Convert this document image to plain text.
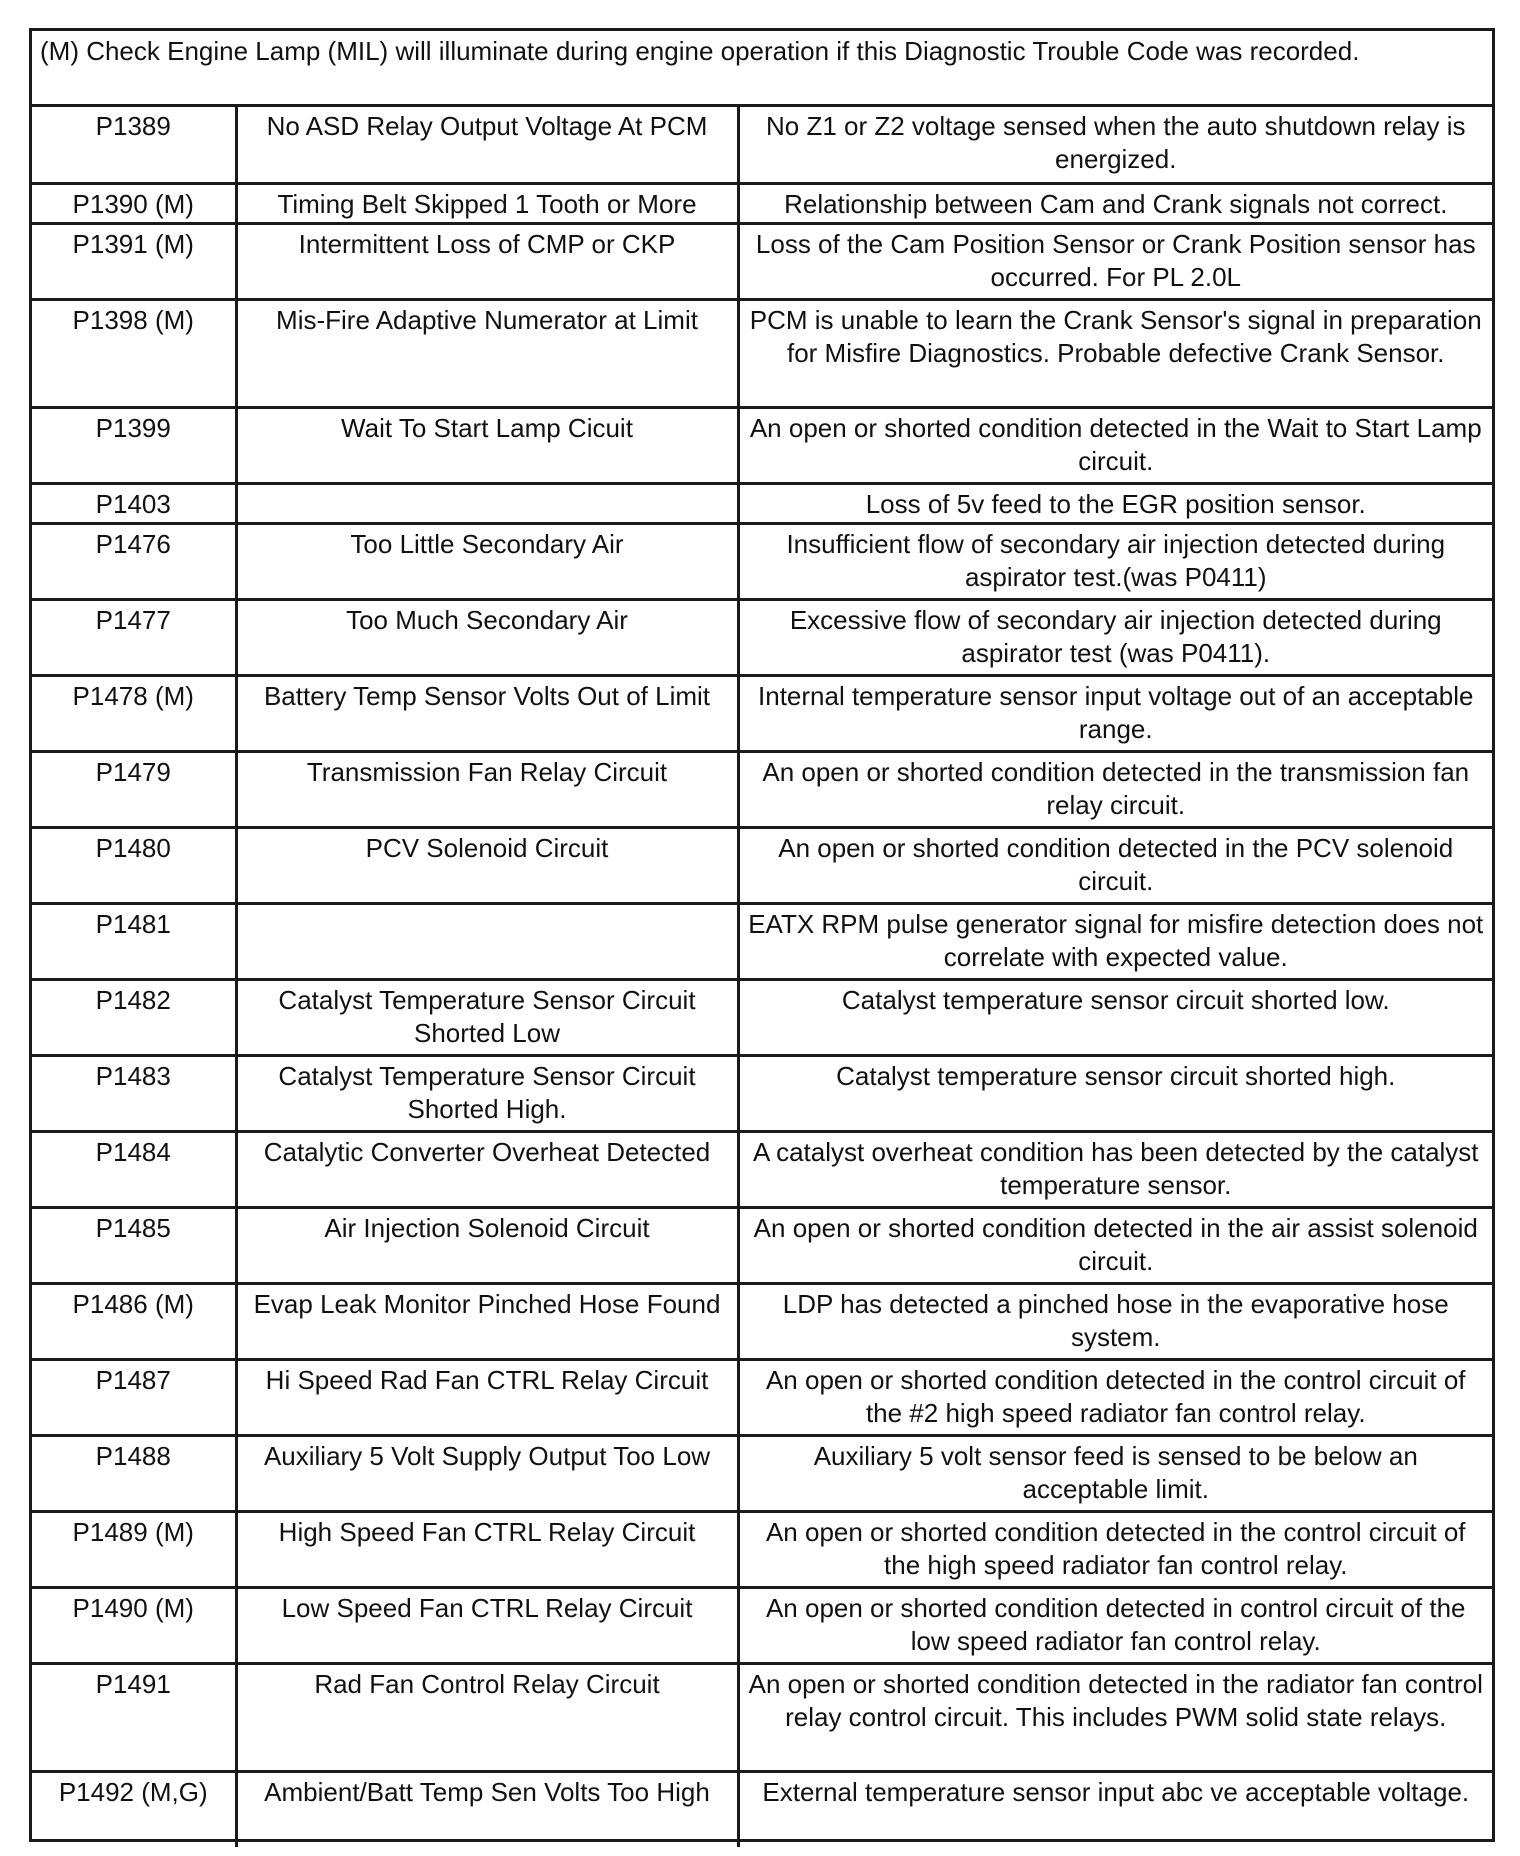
(M) Check Engine Lamp (MIL) will illuminate during engine operation if this Diagnostic Trouble Code was recorded.
P1389	No ASD Relay Output Voltage At PCM	No Z1 or Z2 voltage sensed when the auto shutdown relay is energized.
P1390 (M)	Timing Belt Skipped 1 Tooth or More	Relationship between Cam and Crank signals not correct.
P1391 (M)	Intermittent Loss of CMP or CKP	Loss of the Cam Position Sensor or Crank Position sensor has occurred. For PL 2.0L
P1398 (M)	Mis-Fire Adaptive Numerator at Limit	PCM is unable to learn the Crank Sensor's signal in preparation for Misfire Diagnostics. Probable defective Crank Sensor.
P1399	Wait To Start Lamp Cicuit	An open or shorted condition detected in the Wait to Start Lamp circuit.
P1403		Loss of 5v feed to the EGR position sensor.
P1476	Too Little Secondary Air	Insufficient flow of secondary air injection detected during aspirator test.(was P0411)
P1477	Too Much Secondary Air	Excessive flow of secondary air injection detected during aspirator test (was P0411).
P1478 (M)	Battery Temp Sensor Volts Out of Limit	Internal temperature sensor input voltage out of an acceptable range.
P1479	Transmission Fan Relay Circuit	An open or shorted condition detected in the transmission fan relay circuit.
P1480	PCV Solenoid Circuit	An open or shorted condition detected in the PCV solenoid circuit.
P1481		EATX RPM pulse generator signal for misfire detection does not correlate with expected value.
P1482	Catalyst Temperature Sensor Circuit Shorted Low	Catalyst temperature sensor circuit shorted low.
P1483	Catalyst Temperature Sensor Circuit Shorted High.	Catalyst temperature sensor circuit shorted high.
P1484	Catalytic Converter Overheat Detected	A catalyst overheat condition has been detected by the catalyst temperature sensor.
P1485	Air Injection Solenoid Circuit	An open or shorted condition detected in the air assist solenoid circuit.
P1486 (M)	Evap Leak Monitor Pinched Hose Found	LDP has detected a pinched hose in the evaporative hose system.
P1487	Hi Speed Rad Fan CTRL Relay Circuit	An open or shorted condition detected in the control circuit of the #2 high speed radiator fan control relay.
P1488	Auxiliary 5 Volt Supply Output Too Low	Auxiliary 5 volt sensor feed is sensed to be below an acceptable limit.
P1489 (M)	High Speed Fan CTRL Relay Circuit	An open or shorted condition detected in the control circuit of the high speed radiator fan control relay.
P1490 (M)	Low Speed Fan CTRL Relay Circuit	An open or shorted condition detected in control circuit of the low speed radiator fan control relay.
P1491	Rad Fan Control Relay Circuit	An open or shorted condition detected in the radiator fan control relay control circuit. This includes PWM solid state relays.
P1492 (M,G)	Ambient/Batt Temp Sen Volts Too High	External temperature sensor input abc ve acceptable voltage.
